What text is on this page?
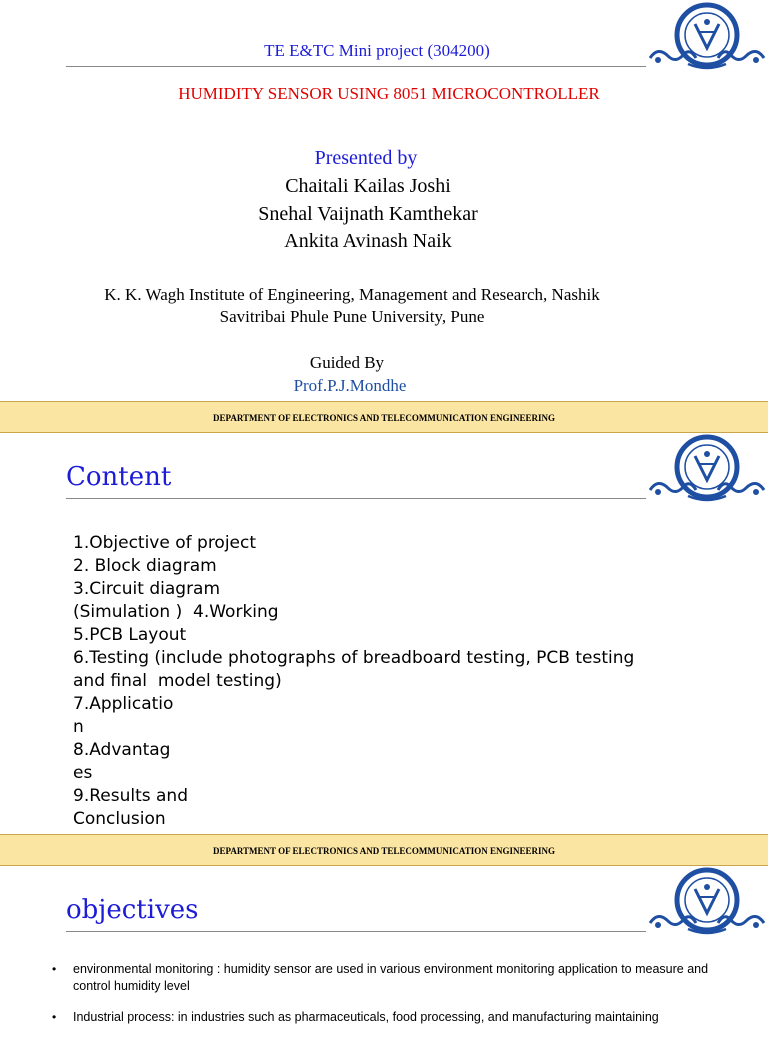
TE E&TC Mini project (304200)
HUMIDITY SENSOR USING 8051 MICROCONTROLLER
Presented by
Chaitali Kailas Joshi
Snehal Vaijnath Kamthekar
Ankita Avinash Naik
K. K. Wagh Institute of Engineering, Management and Research, Nashik
Savitribai Phule Pune University, Pune
Guided By
Prof.P.J.Mondhe
DEPARTMENT OF ELECTRONICS AND TELECOMMUNICATION ENGINEERING
Content
1.Objective of project
2. Block diagram
3.Circuit diagram
(Simulation )  4.Working
5.PCB Layout
6.Testing (include photographs of breadboard testing, PCB testing
and final  model testing)
7.Applicatio
n
8.Advantag
es
9.Results and
Conclusion
DEPARTMENT OF ELECTRONICS AND TELECOMMUNICATION ENGINEERING
objectives
• environmental monitoring : humidity sensor are used in various environment monitoring application to measure and control humidity level
• Industrial process: in industries such as pharmaceuticals, food processing, and manufacturing maintaining
